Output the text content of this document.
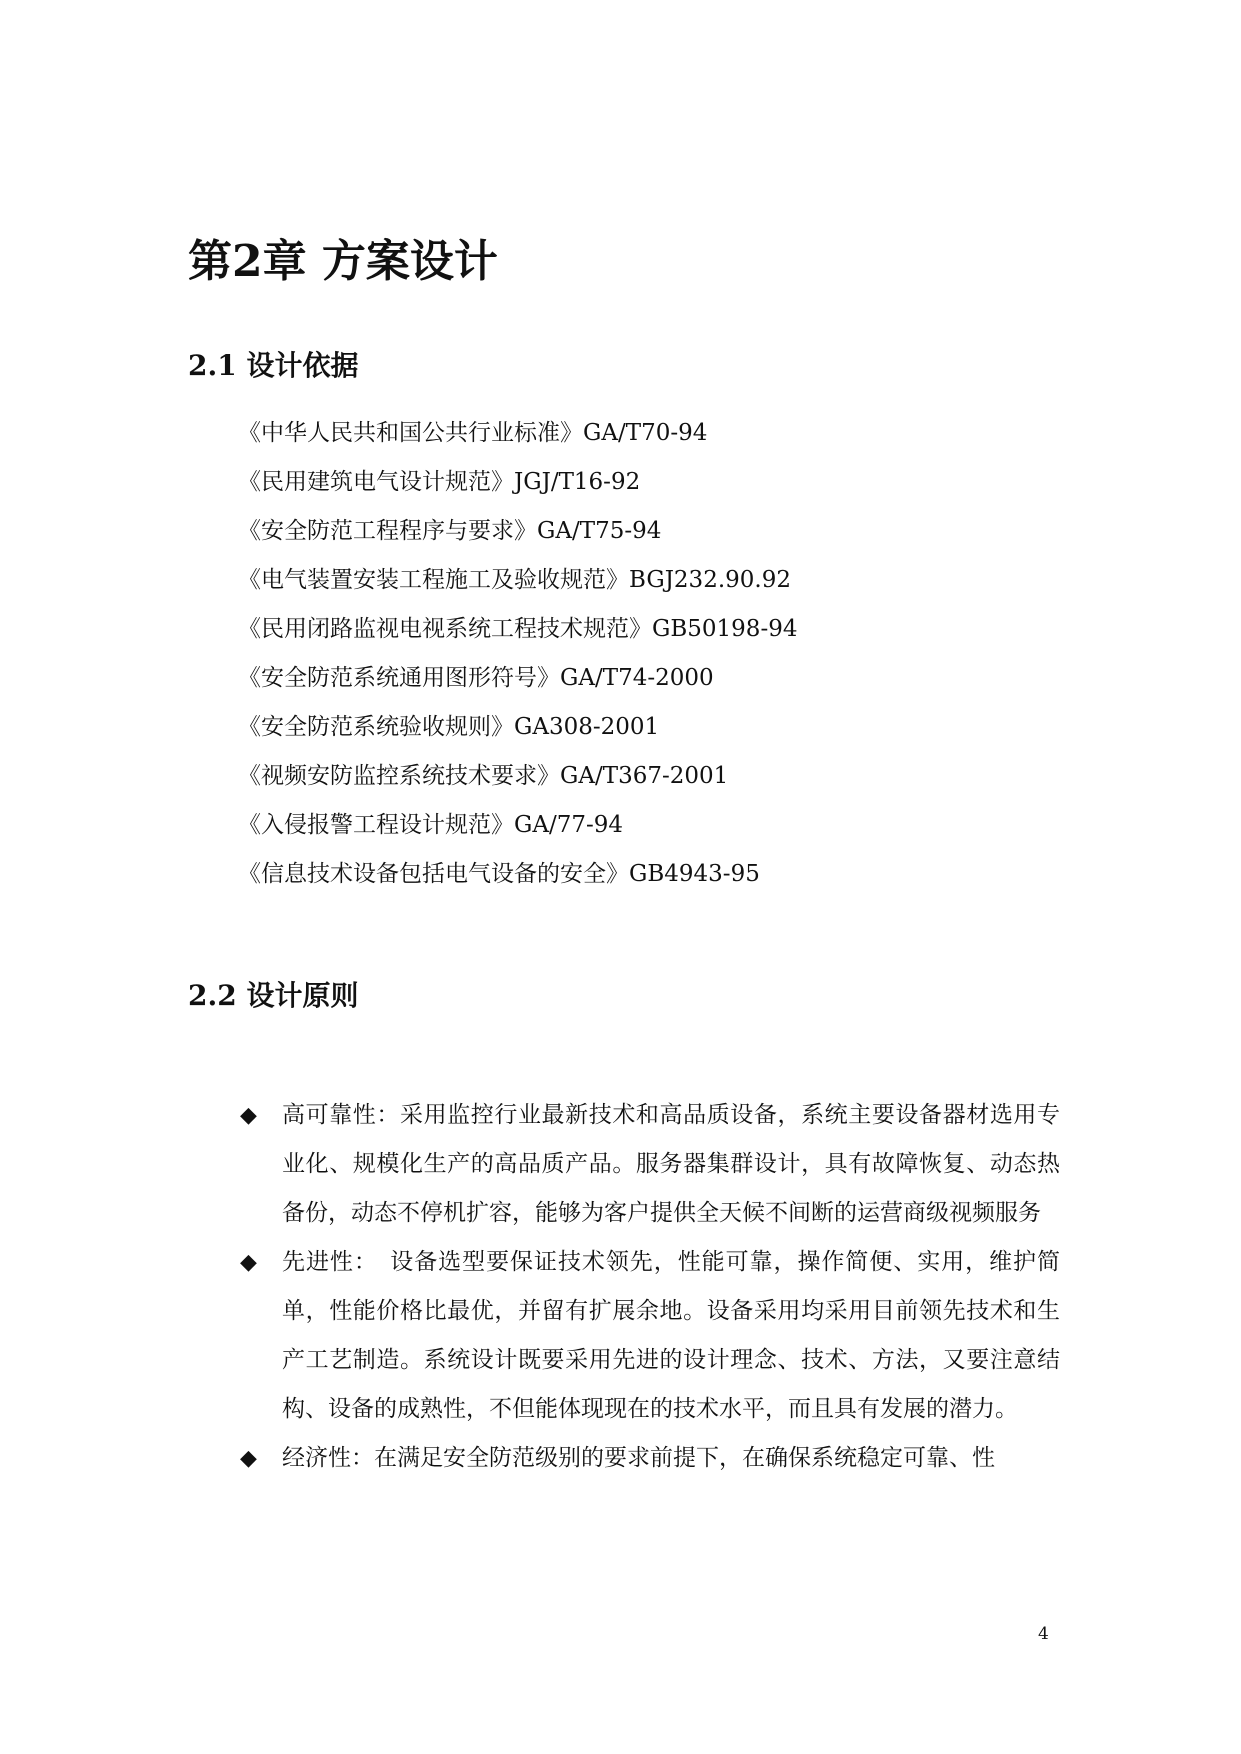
第2章 方案设计
2.1 设计依据
《中华人民共和国公共行业标准》GA/T70-94
《民用建筑电气设计规范》JGJ/T16-92
《安全防范工程程序与要求》GA/T75-94
《电气装置安装工程施工及验收规范》BGJ232.90.92
《民用闭路监视电视系统工程技术规范》GB50198-94
《安全防范系统通用图形符号》GA/T74-2000
《安全防范系统验收规则》GA308-2001
《视频安防监控系统技术要求》GA/T367-2001
《入侵报警工程设计规范》GA/77-94
《信息技术设备包括电气设备的安全》GB4943-95
2.2 设计原则
◆ 高可靠性：采用监控行业最新技术和高品质设备，系统主要设备器材选用专业化、规模化生产的高品质产品。服务器集群设计，具有故障恢复、动态热备份，动态不停机扩容，能够为客户提供全天候不间断的运营商级视频服务
◆ 先进性：　设备选型要保证技术领先，性能可靠，操作简便、实用，维护简单，性能价格比最优，并留有扩展余地。设备采用均采用目前领先技术和生产工艺制造。系统设计既要采用先进的设计理念、技术、方法，又要注意结构、设备的成熟性，不但能体现现在的技术水平，而且具有发展的潜力。
◆ 经济性：在满足安全防范级别的要求前提下，在确保系统稳定可靠、性
4
